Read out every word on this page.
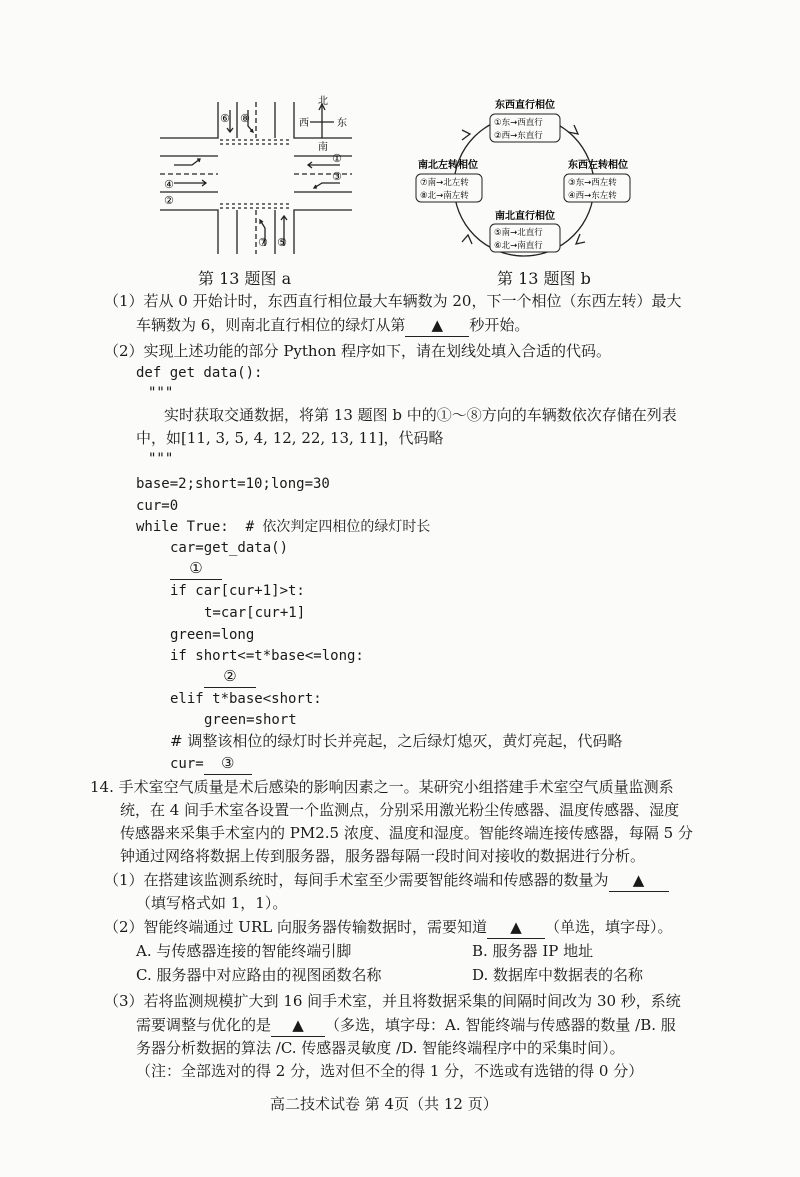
北
西	东
南
⑥ ⑧
①
③
④
②
⑦ ⑤
第 13 题图 a
东西直行相位
①东→西直行
②西→东直行
东西左转相位
③东→西左转
④西→东左转
南北直行相位
⑤南→北直行
⑥北→南直行
南北左转相位
⑦南→北左转
⑧北→南左转
第 13 题图 b
（1）若从 0 开始计时，东西直行相位最大车辆数为 20，下一个相位（东西左转）最大
车辆数为 6，则南北直行相位的绿灯从第 ▲ 秒开始。
（2）实现上述功能的部分 Python 程序如下，请在划线处填入合适的代码。
def get data():
"""
实时获取交通数据，将第 13 题图 b 中的①～⑧方向的车辆数依次存储在列表
中，如[11, 3, 5, 4, 12, 22, 13, 11]，代码略
"""
base=2;short=10;long=30
cur=0
while True:  # 依次判定四相位的绿灯时长
car=get_data()
①
if car[cur+1]>t:
t=car[cur+1]
green=long
if short<=t*base<=long:
②
elif t*base<short:
green=short
# 调整该相位的绿灯时长并亮起，之后绿灯熄灭，黄灯亮起，代码略
cur= ③
14. 手术室空气质量是术后感染的影响因素之一。某研究小组搭建手术室空气质量监测系
统，在 4 间手术室各设置一个监测点，分别采用激光粉尘传感器、温度传感器、湿度
传感器来采集手术室内的 PM2.5 浓度、温度和湿度。智能终端连接传感器，每隔 5 分
钟通过网络将数据上传到服务器，服务器每隔一段时间对接收的数据进行分析。
（1）在搭建该监测系统时，每间手术室至少需要智能终端和传感器的数量为 ▲
（填写格式如 1，1）。
（2）智能终端通过 URL 向服务器传输数据时，需要知道 ▲ （单选，填字母）。
A. 与传感器连接的智能终端引脚	B. 服务器 IP 地址
C. 服务器中对应路由的视图函数名称	D. 数据库中数据表的名称
（3）若将监测规模扩大到 16 间手术室，并且将数据采集的间隔时间改为 30 秒，系统
需要调整与优化的是 ▲ （多选，填字母：A. 智能终端与传感器的数量 /B. 服
务器分析数据的算法 /C. 传感器灵敏度 /D. 智能终端程序中的采集时间）。
（注：全部选对的得 2 分，选对但不全的得 1 分，不选或有选错的得 0 分）
高二技术试卷 第 4页（共 12 页）
